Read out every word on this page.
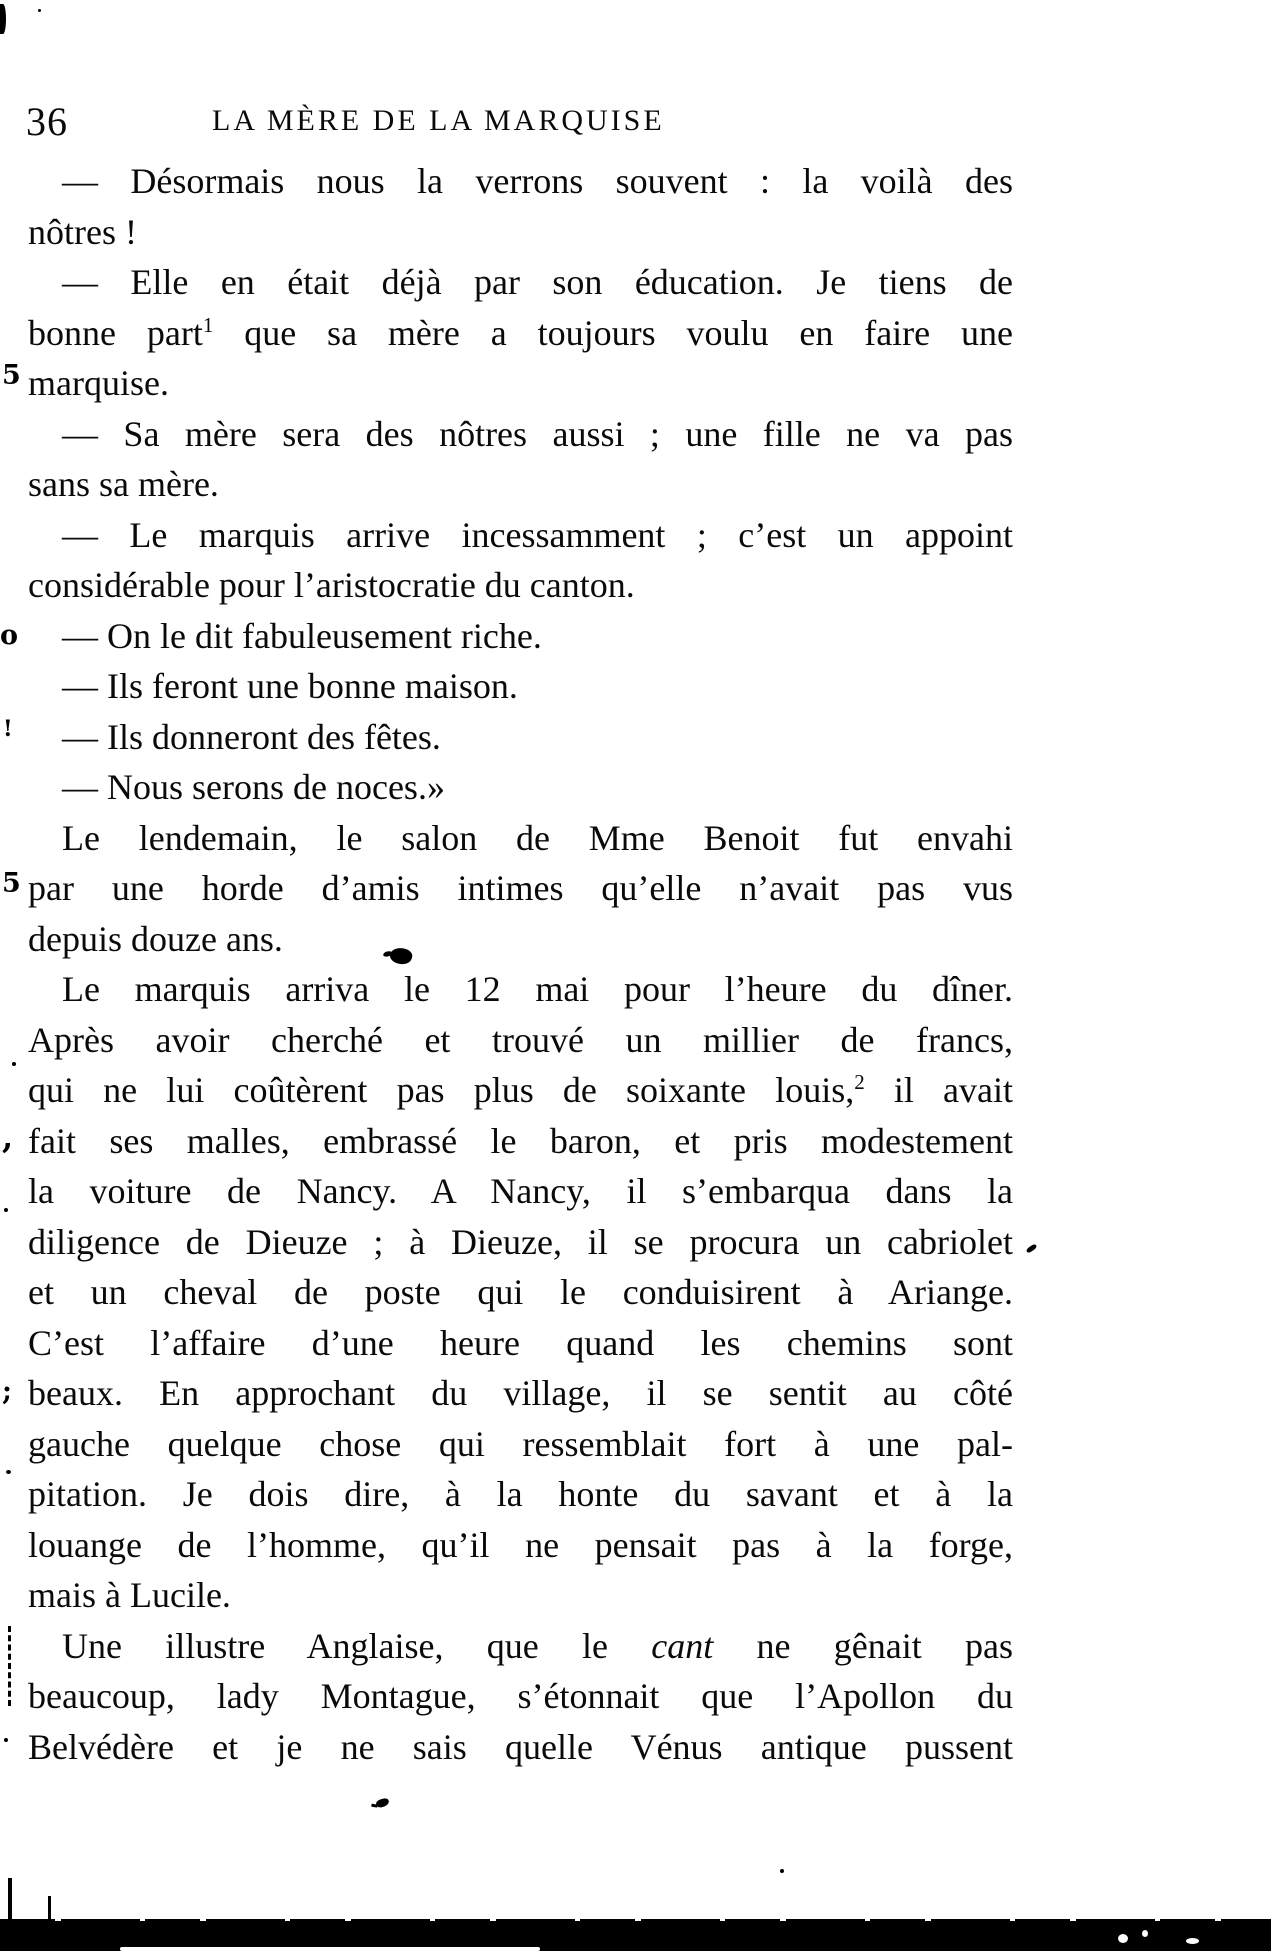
36	LA MÈRE DE LA MARQUISE
— Désormais nous la verrons souvent : la voilà des
nôtres !
— Elle en était déjà par son éducation. Je tiens de
bonne part$^1$ que sa mère a toujours voulu en faire une
marquise.
— Sa mère sera des nôtres aussi ; une fille ne va pas
sans sa mère.
— Le marquis arrive incessamment ; c’est un appoint
considérable pour l’aristocratie du canton.
— On le dit fabuleusement riche.
— Ils feront une bonne maison.
— Ils donneront des fêtes.
— Nous serons de noces.»
Le lendemain, le salon de Mme Benoit fut envahi
par une horde d’amis intimes qu’elle n’avait pas vus
depuis douze ans.
Le marquis arriva le 12 mai pour l’heure du dîner.
Après avoir cherché et trouvé un millier de francs,
qui ne lui coûtèrent pas plus de soixante louis,$^2$ il avait
fait ses malles, embrassé le baron, et pris modestement
la voiture de Nancy. A Nancy, il s’embarqua dans la
diligence de Dieuze ; à Dieuze, il se procura un cabriolet
et un cheval de poste qui le conduisirent à Ariange.
C’est l’affaire d’une heure quand les chemins sont
beaux. En approchant du village, il se sentit au côté
gauche quelque chose qui ressemblait fort à une pal-
pitation. Je dois dire, à la honte du savant et à la
louange de l’homme, qu’il ne pensait pas à la forge,
mais à Lucile.
Une illustre Anglaise, que le cant ne gênait pas
beaucoup, lady Montague, s’étonnait que l’Apollon du
Belvédère et je ne sais quelle Vénus antique pussent
5
o
!
5
,
;
